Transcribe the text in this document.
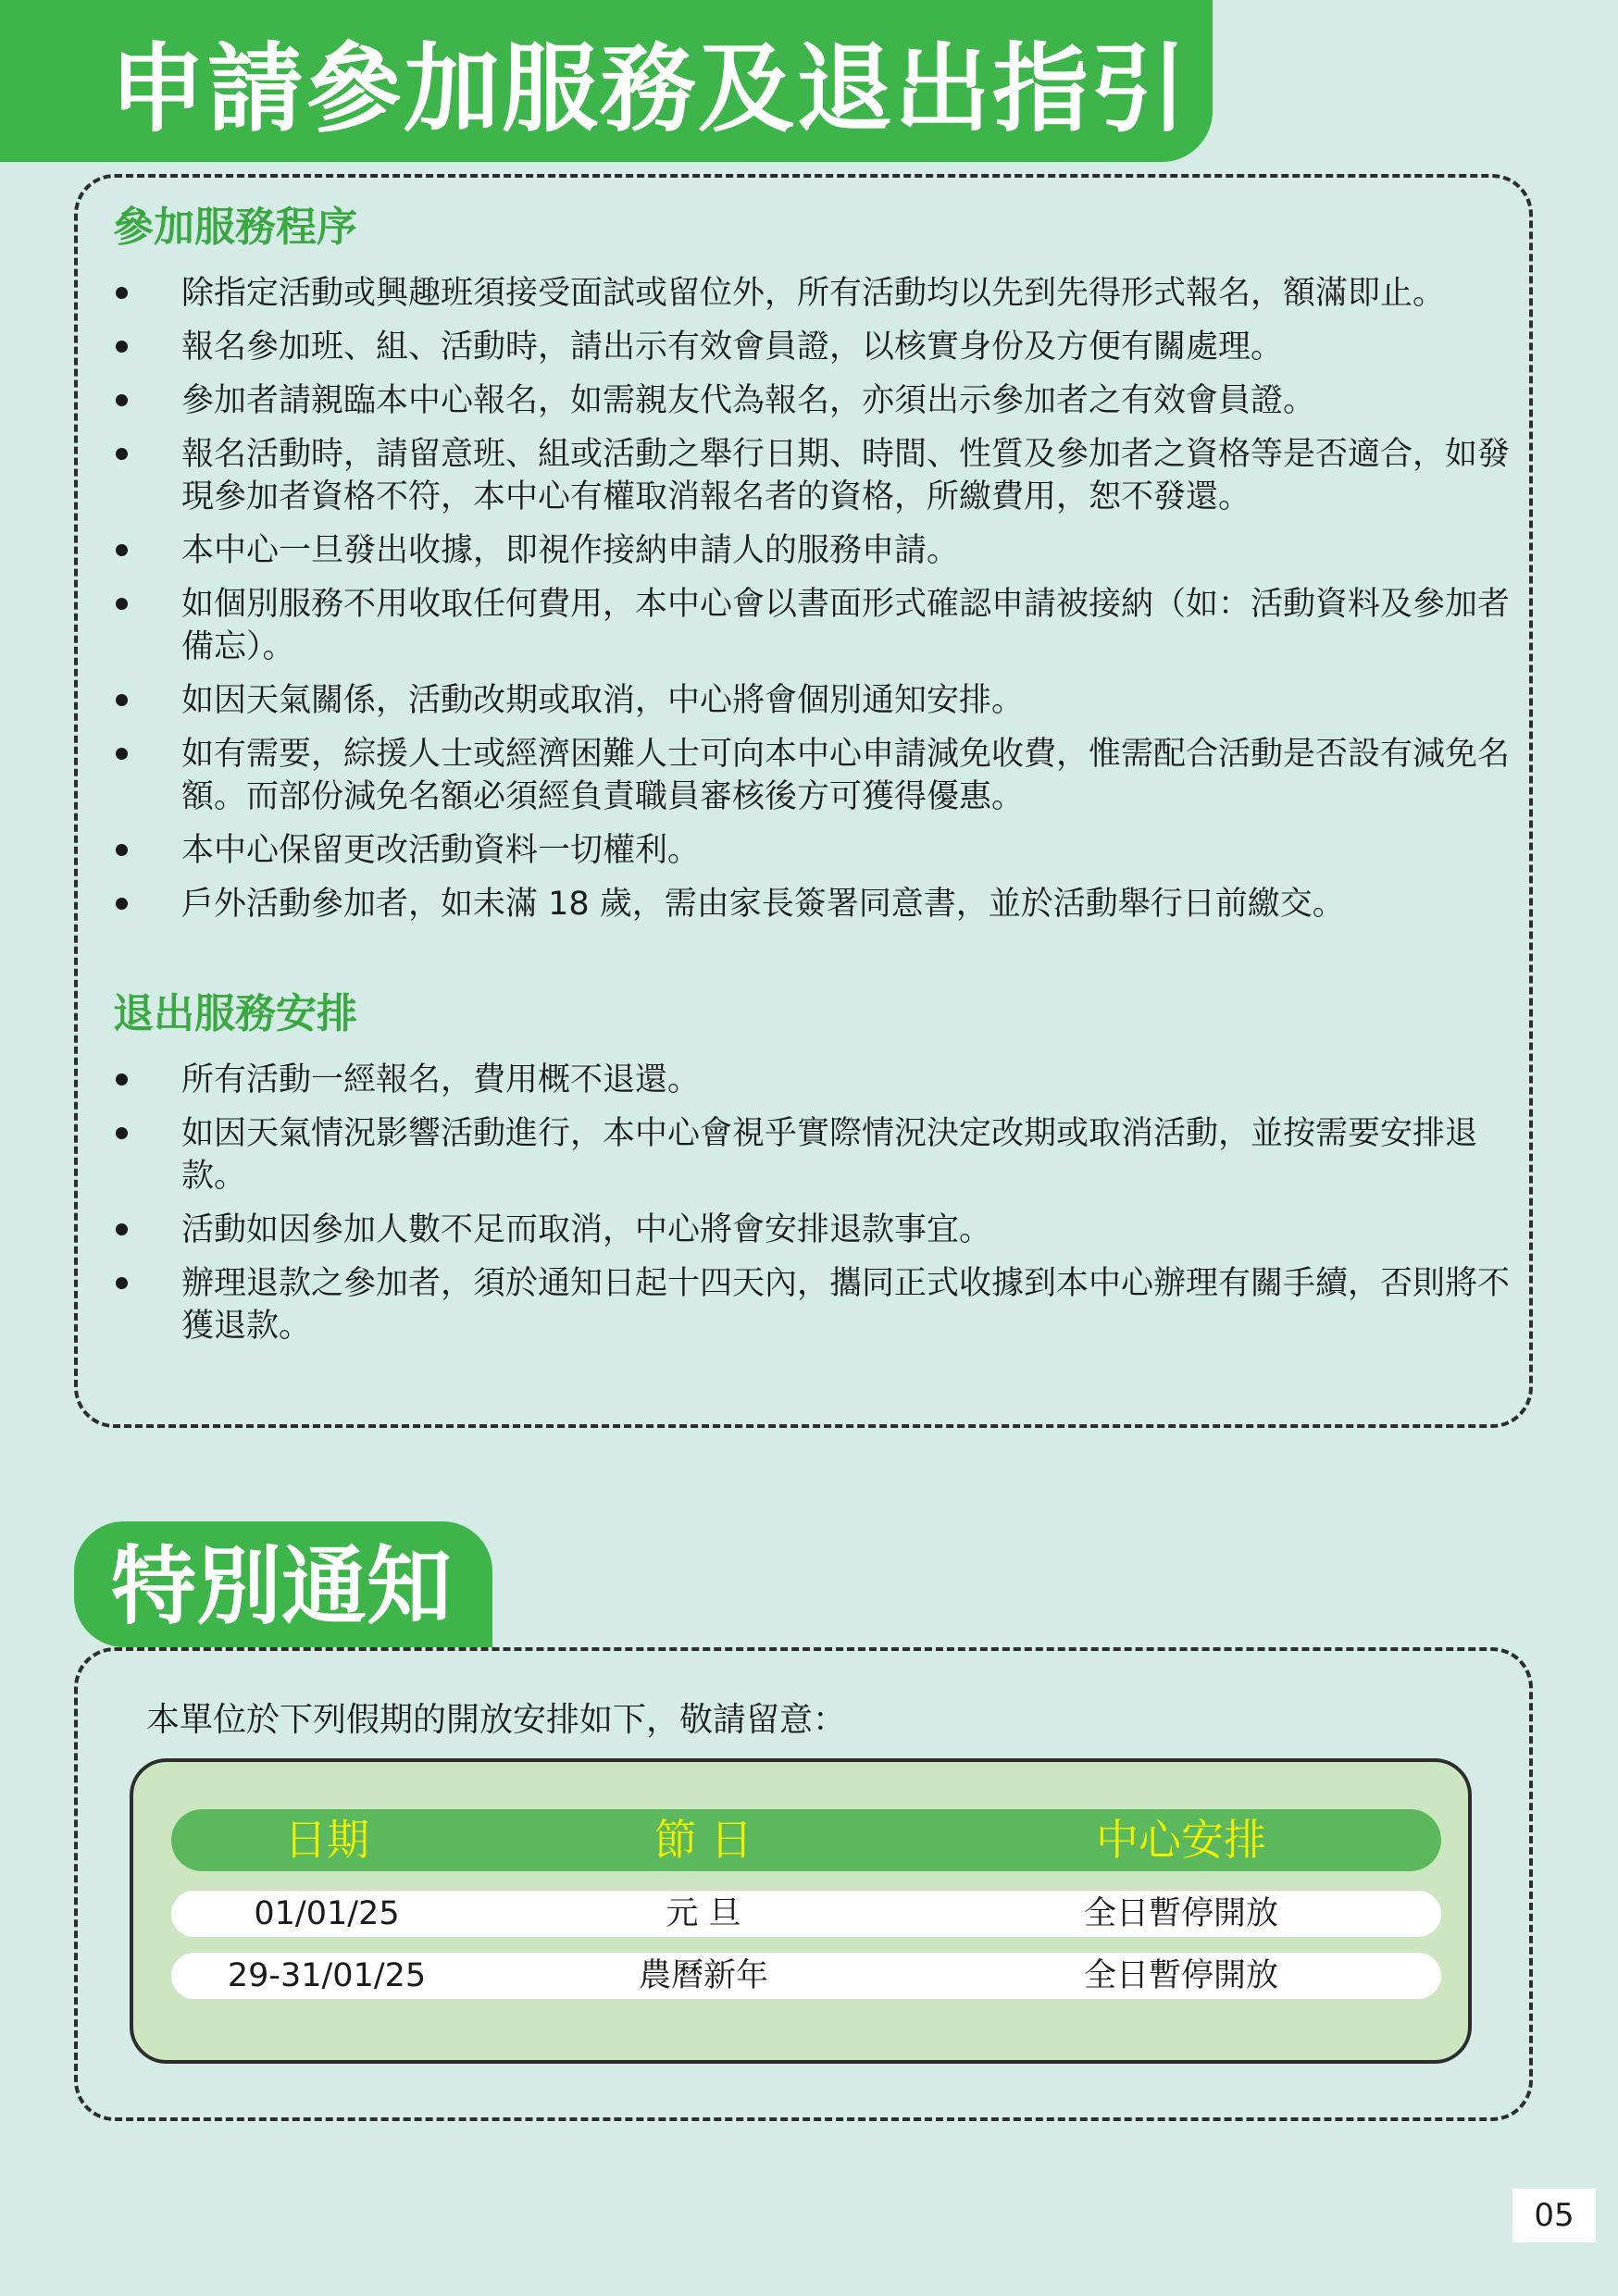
申請參加服務及退出指引
參加服務程序
除指定活動或興趣班須接受面試或留位外，所有活動均以先到先得形式報名，額滿即止。
報名參加班、組、活動時，請出示有效會員證，以核實身份及方便有關處理。
參加者請親臨本中心報名，如需親友代為報名，亦須出示參加者之有效會員證。
報名活動時，請留意班、組或活動之舉行日期、時間、性質及參加者之資格等是否適合，如發現參加者資格不符，本中心有權取消報名者的資格，所繳費用，恕不發還。
本中心一旦發出收據，即視作接納申請人的服務申請。
如個別服務不用收取任何費用，本中心會以書面形式確認申請被接納（如：活動資料及參加者備忘）。
如因天氣關係，活動改期或取消，中心將會個別通知安排。
如有需要，綜援人士或經濟困難人士可向本中心申請減免收費，惟需配合活動是否設有減免名額。而部份減免名額必須經負責職員審核後方可獲得優惠。
本中心保留更改活動資料一切權利。
戶外活動參加者，如未滿 18 歲，需由家長簽署同意書，並於活動舉行日前繳交。
退出服務安排
所有活動一經報名，費用概不退還。
如因天氣情況影響活動進行，本中心會視乎實際情況決定改期或取消活動，並按需要安排退款。
活動如因參加人數不足而取消，中心將會安排退款事宜。
辦理退款之參加者，須於通知日起十四天內，攜同正式收據到本中心辦理有關手續，否則將不獲退款。
特別通知

本單位於下列假期的開放安排如下，敬請留意：

日期	節 日	中心安排
01/01/25	元 旦	全日暫停開放
29-31/01/25	農曆新年	全日暫停開放
05
